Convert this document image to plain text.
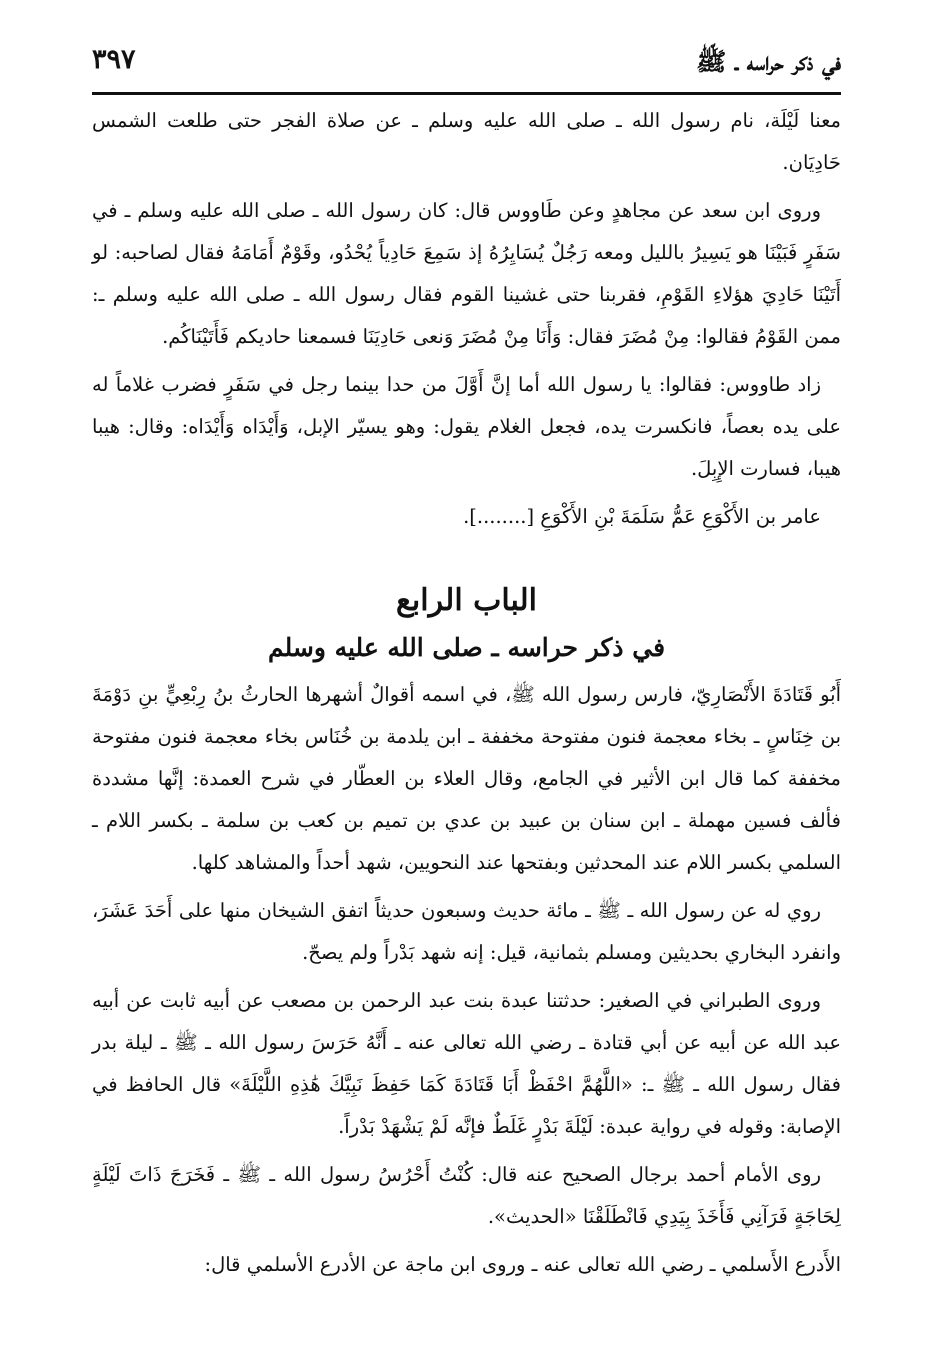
في ذكر حراسه ـ ﷺ
٣٩٧

معنا لَيْلَة، نام رسول الله ـ صلى الله عليه وسلم ـ عن صلاة الفجر حتى طلعت الشمس حَادِيَان.

وروى ابن سعد عن مجاهدٍ وعن طَاووس قال: كان رسول الله ـ صلى الله عليه وسلم ـ في سَفَرٍ فَبَيْنَا هو يَسِيرُ بالليل ومعه رَجُلٌ يُسَايِرُهُ إذ سَمِعَ حَادِياً يُحْدُو، وقَوْمٌ أَمَامَهُ فقال لصاحبه: لو أَتَيْنَا حَادِيَ هؤلاءِ القَوْمِ، فقربنا حتى غشينا القوم فقال رسول الله ـ صلى الله عليه وسلم ـ: ممن القَوْمُ فقالوا: مِنْ مُضَرَ فقال: وَأَنَا مِنْ مُضَرَ وَنعى حَادِيَنَا فسمعنا حاديكم فَأَتَيْنَاكُم.

زاد طاووس: فقالوا: يا رسول الله أما إنَّ أَوَّلَ من حدا بينما رجل في سَفَرٍ فضرب غلاماً له على يده بعصاً، فانكسرت يده، فجعل الغلام يقول: وهو يسيّر الإبل، وَأَيْدَاه وَأَيْدَاه: وقال: هيبا هيبا، فسارت الإِبِلَ.

عامر بن الأَكْوَعِ عَمُّ سَلَمَةَ بْنِ الأَكْوَعِ [........].

الباب الرابع
في ذكر حراسه ـ صلى الله عليه وسلم

أَبُو قَتَادَةَ الأَنْصَارِيّ، فارس رسول الله ﷺ، في اسمه أقوالٌ أشهرها الحارثُ بنُ رِبْعِيٍّ بنِ دَوْمَةَ بن خِنَاسٍ ـ بخاء معجمة فنون مفتوحة مخففة ـ ابن يلدمة بن خُنَاس بخاء معجمة فنون مفتوحة مخففة كما قال ابن الأثير في الجامع، وقال العلاء بن العطّار في شرح العمدة: إنَّها مشددة فألف فسين مهملة ـ ابن سنان بن عبيد بن عدي بن تميم بن كعب بن سلمة ـ بكسر اللام ـ السلمي بكسر اللام عند المحدثين وبفتحها عند النحويين، شهد أحداً والمشاهد كلها.

روي له عن رسول الله ـ ﷺ ـ مائة حديث وسبعون حديثاً اتفق الشيخان منها على أَحَدَ عَشَرَ، وانفرد البخاري بحديثين ومسلم بثمانية، قيل: إنه شهد بَدْراً ولم يصحّ.

وروى الطبراني في الصغير: حدثتنا عبدة بنت عبد الرحمن بن مصعب عن أبيه ثابت عن أبيه عبد الله عن أبيه عن أبي قتادة ـ رضي الله تعالى عنه ـ أَنَّهُ حَرَسَ رسول الله ـ ﷺ ـ ليلة بدر فقال رسول الله ـ ﷺ ـ: «اللَّهُمَّ احْفَظْ أَبَا قَتَادَةَ كَمَا حَفِظَ نَبِيَّكَ هَٰذِهِ اللَّيْلَةَ» قال الحافظ في الإصابة: وقوله في رواية عبدة: لَيْلَةَ بَدْرٍ غَلَطٌ فإنَّه لَمْ يَشْهَدْ بَدْراً.

روى الأمام أحمد برجال الصحيح عنه قال: كُنْتُ أَحْرُسُ رسول الله ـ ﷺ ـ فَخَرَجَ ذَاتَ لَيْلَةٍ لِحَاجَةٍ فَرَآنِي فَأَخَذَ بِيَدِي فَانْطَلَقْنَا «الحديث».

الأَدرع الأَسلمي ـ رضي الله تعالى عنه ـ وروى ابن ماجة عن الأدرع الأسلمي قال:
